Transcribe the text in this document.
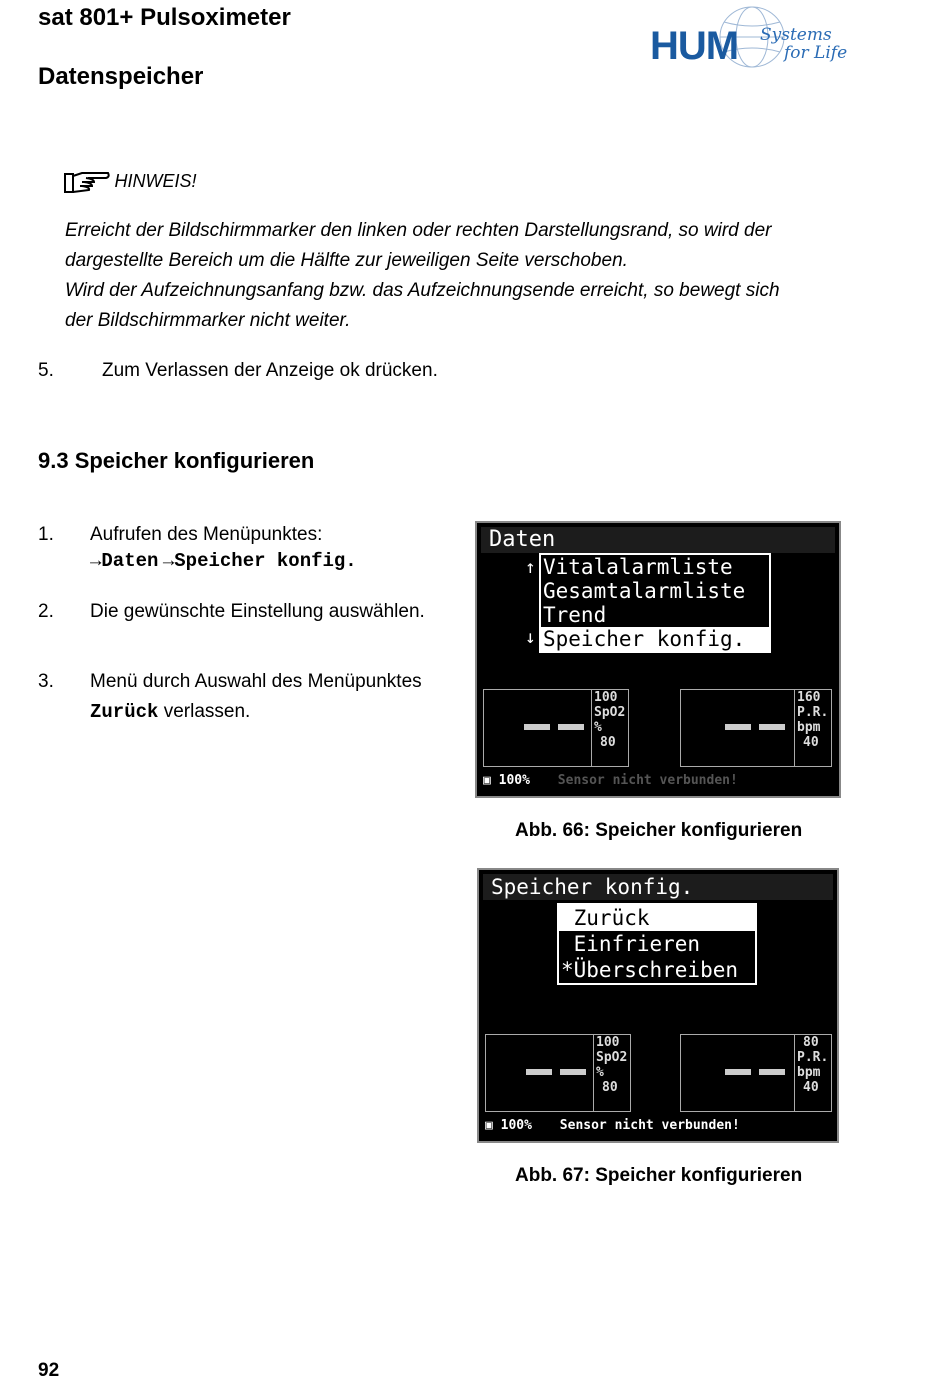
sat 801+ Pulsoximeter
Datenspeicher
HUM Systems
for Life
HINWEIS!
Erreicht der Bildschirmmarker den linken oder rechten Darstellungsrand, so wird der
dargestellte Bereich um die Hälfte zur jeweiligen Seite verschoben.
Wird der Aufzeichnungsanfang bzw. das Aufzeichnungsende erreicht, so bewegt sich
der Bildschirmmarker nicht weiter.
5.	Zum Verlassen der Anzeige ok drücken.
9.3 Speicher konfigurieren
1. Aufrufen des Menüpunktes:
→Daten →Speicher konfig.
2. Die gewünschte Einstellung auswählen.
3. Menü durch Auswahl des Menüpunktes
Zurück verlassen.
Daten
↑
↓
Vitalalarmliste
Gesamtalarmliste
Trend
Speicher konfig.
100
SpO2
%
80
160
P.R.
bpm
40
▣ 100% Sensor nicht verbunden!
Abb. 66: Speicher konfigurieren
Speicher konfig.
Zurück
Einfrieren
*Überschreiben
100
SpO2
%
80
80
P.R.
bpm
40
▣ 100% Sensor nicht verbunden!
Abb. 67: Speicher konfigurieren
92
